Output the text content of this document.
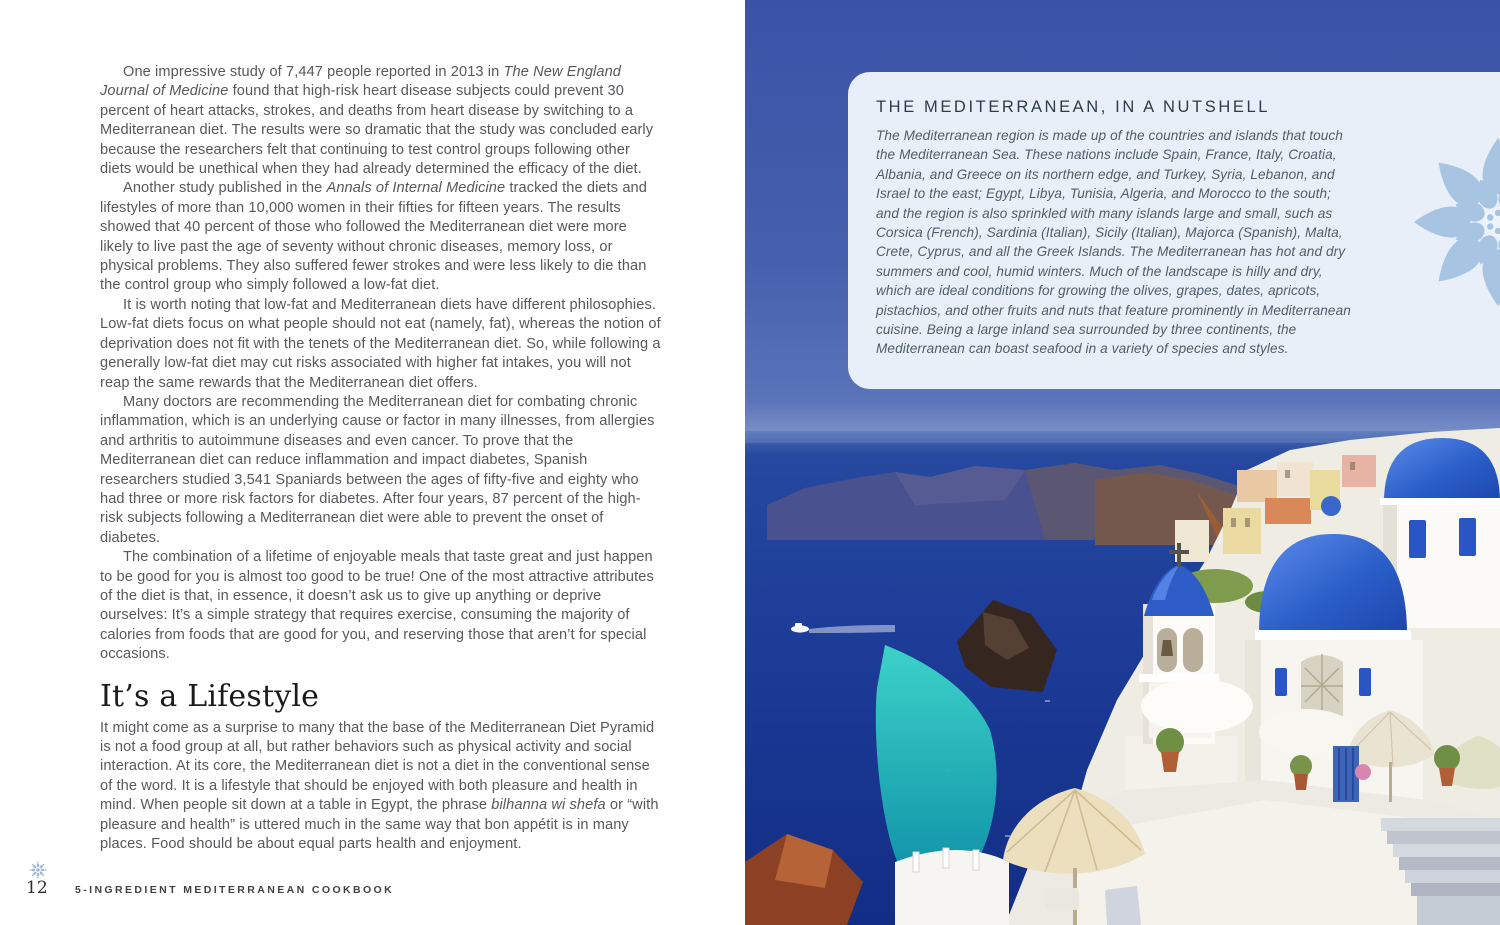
One impressive study of 7,447 people reported in 2013 in The New England Journal of Medicine found that high-risk heart disease subjects could prevent 30 percent of heart attacks, strokes, and deaths from heart disease by switching to a Mediterranean diet. The results were so dramatic that the study was concluded early because the researchers felt that continuing to test control groups following other diets would be unethical when they had already determined the efficacy of the diet.

Another study published in the Annals of Internal Medicine tracked the diets and lifestyles of more than 10,000 women in their fifties for fifteen years. The results showed that 40 percent of those who followed the Mediterranean diet were more likely to live past the age of seventy without chronic diseases, memory loss, or physical problems. They also suffered fewer strokes and were less likely to die than the control group who simply followed a low-fat diet.

It is worth noting that low-fat and Mediterranean diets have different philosophies. Low-fat diets focus on what people should not eat (namely, fat), whereas the notion of deprivation does not fit with the tenets of the Mediterranean diet. So, while following a generally low-fat diet may cut risks associated with higher fat intakes, you will not reap the same rewards that the Mediterranean diet offers.

Many doctors are recommending the Mediterranean diet for combating chronic inflammation, which is an underlying cause or factor in many illnesses, from allergies and arthritis to autoimmune diseases and even cancer. To prove that the Mediterranean diet can reduce inflammation and impact diabetes, Spanish researchers studied 3,541 Spaniards between the ages of fifty-five and eighty who had three or more risk factors for diabetes. After four years, 87 percent of the high-risk subjects following a Mediterranean diet were able to prevent the onset of diabetes.

The combination of a lifetime of enjoyable meals that taste great and just happen to be good for you is almost too good to be true! One of the most attractive attributes of the diet is that, in essence, it doesn’t ask us to give up anything or deprive ourselves: It’s a simple strategy that requires exercise, consuming the majority of calories from foods that are good for you, and reserving those that aren’t for special occasions.

It’s a Lifestyle

It might come as a surprise to many that the base of the Mediterranean Diet Pyramid is not a food group at all, but rather behaviors such as physical activity and social interaction. At its core, the Mediterranean diet is not a diet in the conventional sense of the word. It is a lifestyle that should be enjoyed with both pleasure and health in mind. When people sit down at a table in Egypt, the phrase bilhanna wi shefa or “with pleasure and health” is uttered much in the same way that bon appétit is in many places. Food should be about equal parts health and enjoyment.

12	5-INGREDIENT MEDITERRANEAN COOKBOOK
THE MEDITERRANEAN, IN A NUTSHELL

The Mediterranean region is made up of the countries and islands that touch the Mediterranean Sea. These nations include Spain, France, Italy, Croatia, Albania, and Greece on its northern edge, and Turkey, Syria, Lebanon, and Israel to the east; Egypt, Libya, Tunisia, Algeria, and Morocco to the south; and the region is also sprinkled with many islands large and small, such as Corsica (French), Sardinia (Italian), Sicily (Italian), Majorca (Spanish), Malta, Crete, Cyprus, and all the Greek Islands. The Mediterranean has hot and dry summers and cool, humid winters. Much of the landscape is hilly and dry, which are ideal conditions for growing the olives, grapes, dates, apricots, pistachios, and other fruits and nuts that feature prominently in Mediterranean cuisine. Being a large inland sea surrounded by three continents, the Mediterranean can boast seafood in a variety of species and styles.
